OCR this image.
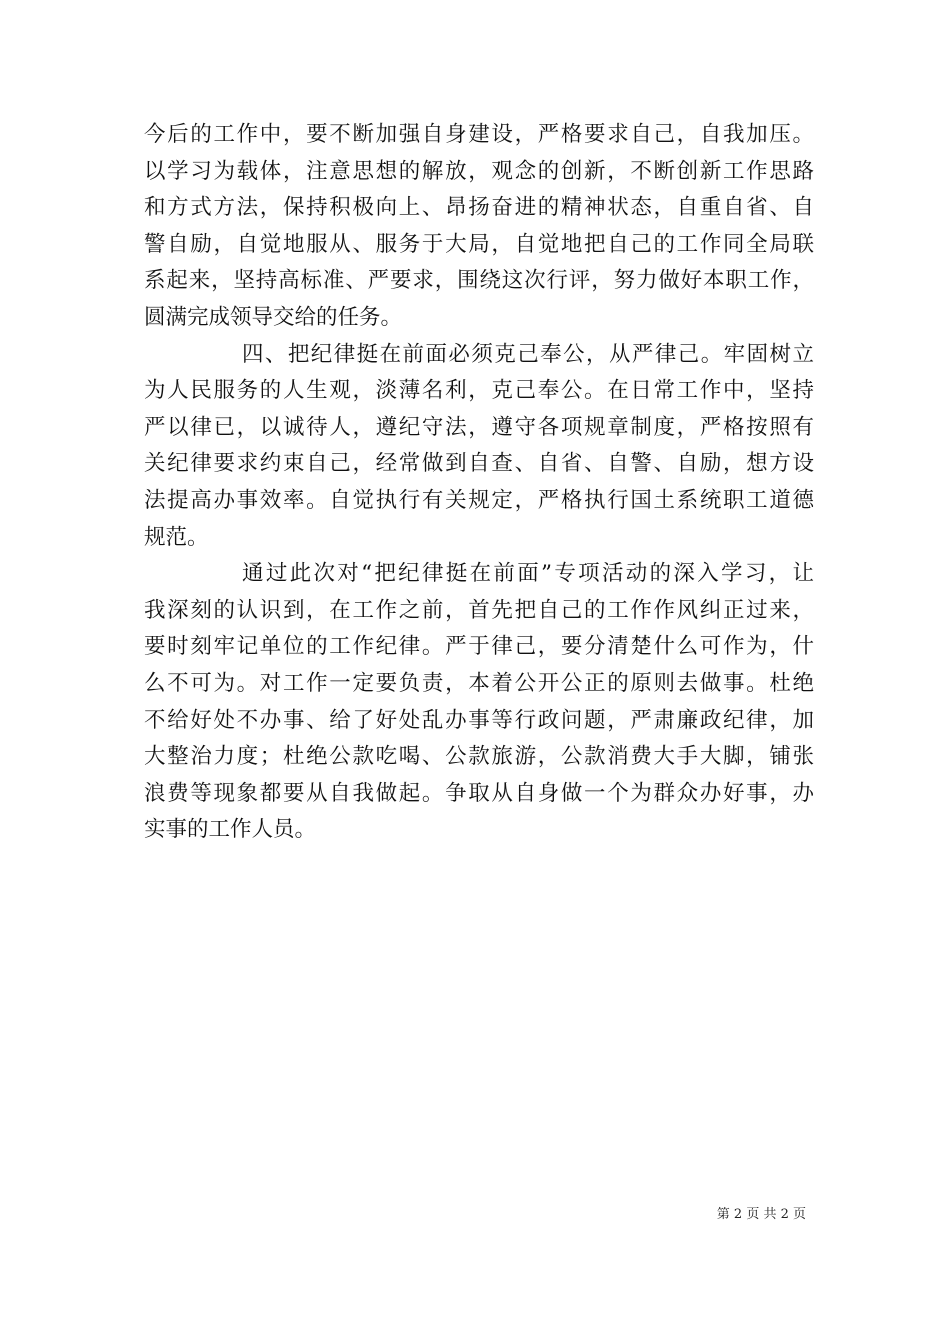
今后的工作中，要不断加强自身建设，严格要求自己，自我加压。
以学习为载体，注意思想的解放，观念的创新，不断创新工作思路
和方式方法，保持积极向上、昂扬奋进的精神状态，自重自省、自
警自励，自觉地服从、服务于大局，自觉地把自己的工作同全局联
系起来，坚持高标准、严要求，围绕这次行评，努力做好本职工作，
圆满完成领导交给的任务。
四、把纪律挺在前面必须克己奉公，从严律己。牢固树立
为人民服务的人生观，淡薄名利，克己奉公。在日常工作中，坚持
严以律已，以诚待人，遵纪守法，遵守各项规章制度，严格按照有
关纪律要求约束自己，经常做到自查、自省、自警、自励，想方设
法提高办事效率。自觉执行有关规定，严格执行国土系统职工道德
规范。
通过此次对“把纪律挺在前面”专项活动的深入学习，让
我深刻的认识到，在工作之前，首先把自己的工作作风纠正过来，
要时刻牢记单位的工作纪律。严于律己，要分清楚什么可作为，什
么不可为。对工作一定要负责，本着公开公正的原则去做事。杜绝
不给好处不办事、给了好处乱办事等行政问题，严肃廉政纪律，加
大整治力度；杜绝公款吃喝、公款旅游，公款消费大手大脚，铺张
浪费等现象都要从自我做起。争取从自身做一个为群众办好事，办
实事的工作人员。
第 2 页 共 2 页
